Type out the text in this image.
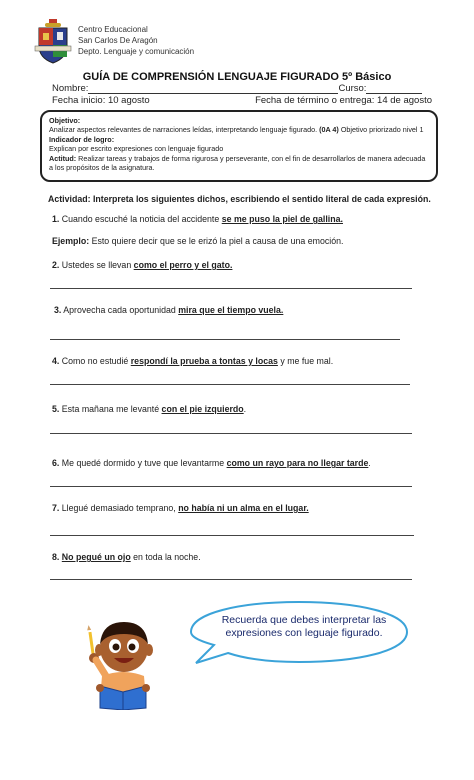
Centro Educacional
San Carlos De Aragón
Depto. Lenguaje y comunicación
GUÍA DE COMPRENSIÓN LENGUAJE FIGURADO 5º Básico
Nombre:	Curso:
Fecha inicio: 10 agosto	Fecha de término o entrega: 14 de agosto
Objetivo:
Analizar aspectos relevantes de narraciones leídas, interpretando lenguaje figurado. (0A 4) Objetivo priorizado nivel 1
Indicador de logro:
Explican por escrito expresiones con lenguaje figurado
Actitud: Realizar tareas y trabajos de forma rigurosa y perseverante, con el fin de desarrollarlos de manera adecuada a los propósitos de la asignatura.
Actividad: Interpreta los siguientes dichos, escribiendo el sentido literal de cada expresión.
1. Cuando escuché la noticia del accidente se me puso la piel de gallina.
Ejemplo: Esto quiere decir que se le erizó la piel a causa de una emoción.
2. Ustedes se llevan como el perro y el gato.
3. Aprovecha cada oportunidad mira que el tiempo vuela.
4. Como no estudié respondí la prueba a tontas y locas y me fue mal.
5. Esta mañana me levanté con el pie izquierdo.
6. Me quedé dormido y tuve que levantarme como un rayo para no llegar tarde.
7. Llegué demasiado temprano, no había ni un alma en el lugar.
8. No pegué un ojo en toda la noche.
Recuerda que debes interpretar las expresiones con leguaje figurado.
